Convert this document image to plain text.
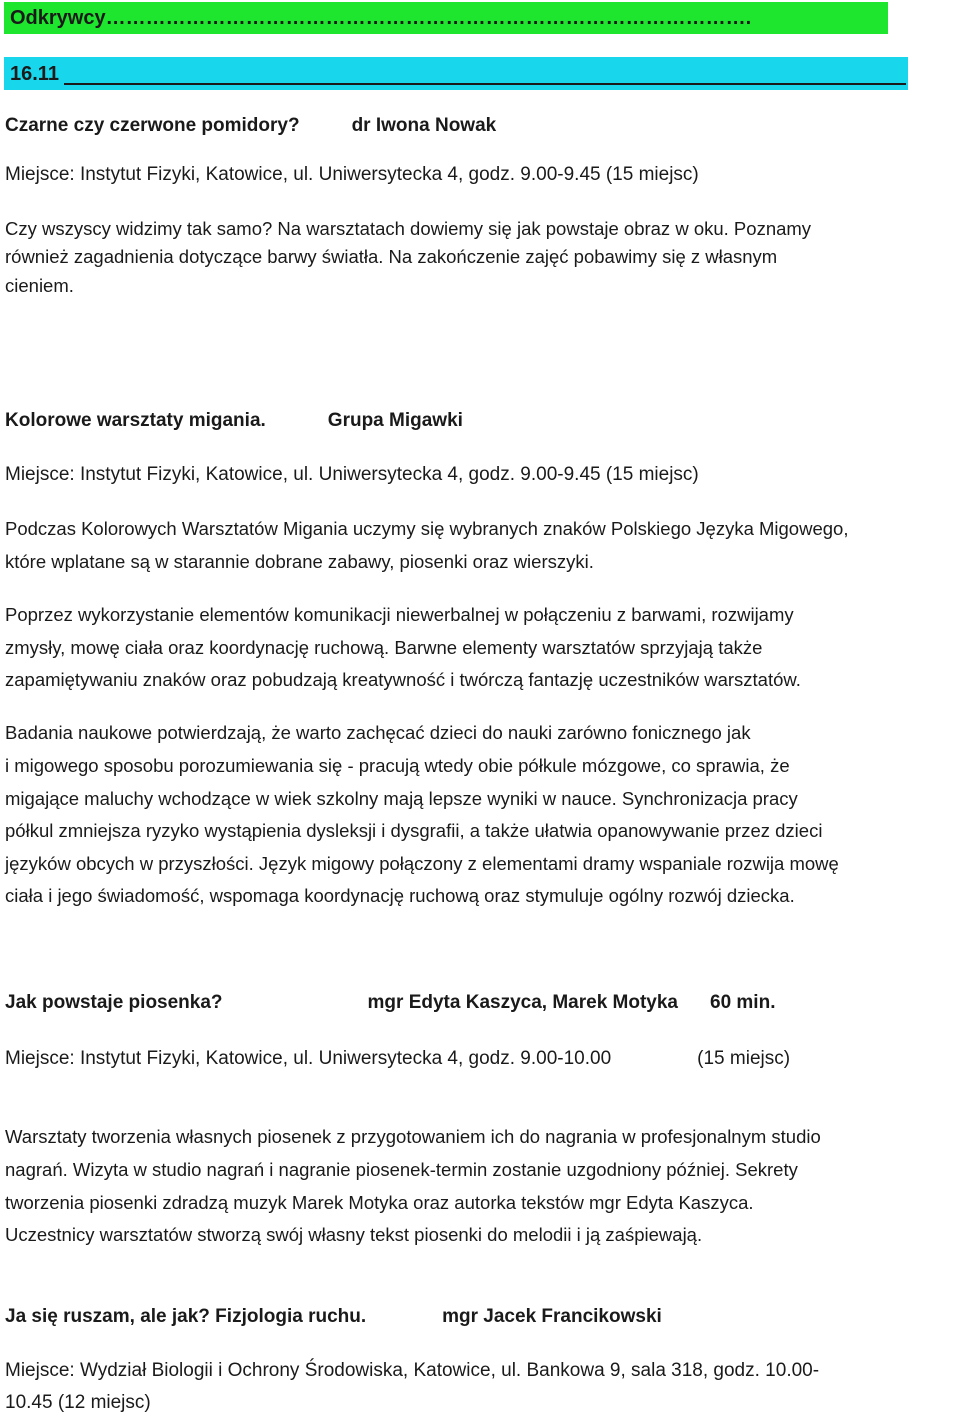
Odkrywcy…………………………………………………………………………………….
16.11
Czarne czy czerwone pomidory?	dr Iwona Nowak
Miejsce: Instytut Fizyki, Katowice, ul. Uniwersytecka 4, godz. 9.00-9.45 (15 miejsc)
Czy wszyscy widzimy tak samo? Na warsztatach dowiemy się jak powstaje obraz w oku. Poznamy
również zagadnienia dotyczące barwy światła. Na zakończenie zajęć pobawimy się z własnym
cieniem.
Kolorowe warsztaty migania.	Grupa Migawki
Miejsce: Instytut Fizyki, Katowice, ul. Uniwersytecka 4, godz. 9.00-9.45 (15 miejsc)
Podczas Kolorowych Warsztatów Migania uczymy się wybranych znaków Polskiego Języka Migowego,
które wplatane są w starannie dobrane zabawy, piosenki oraz wierszyki.
Poprzez wykorzystanie elementów komunikacji niewerbalnej w połączeniu z barwami, rozwijamy
zmysły, mowę ciała oraz koordynację ruchową. Barwne elementy warsztatów sprzyjają także
zapamiętywaniu znaków oraz pobudzają kreatywność i twórczą fantazję uczestników warsztatów.
Badania naukowe potwierdzają, że warto zachęcać dzieci do nauki zarówno fonicznego jak
i migowego sposobu porozumiewania się - pracują wtedy obie półkule mózgowe, co sprawia, że
migające maluchy wchodzące w wiek szkolny mają lepsze wyniki w nauce. Synchronizacja pracy
półkul zmniejsza ryzyko wystąpienia dysleksji i dysgrafii, a także ułatwia opanowywanie przez dzieci
języków obcych w przyszłości. Język migowy połączony z elementami dramy wspaniale rozwija mowę
ciała i jego świadomość, wspomaga koordynację ruchową oraz stymuluje ogólny rozwój dziecka.
Jak powstaje piosenka?	mgr Edyta Kaszyca, Marek Motyka 60 min.
Miejsce: Instytut Fizyki, Katowice, ul. Uniwersytecka 4, godz. 9.00-10.00	(15 miejsc)
Warsztaty tworzenia własnych piosenek z przygotowaniem ich do nagrania w profesjonalnym studio
nagrań. Wizyta w studio nagrań i nagranie piosenek-termin zostanie uzgodniony później. Sekrety
tworzenia piosenki zdradzą muzyk Marek Motyka oraz autorka tekstów mgr Edyta Kaszyca.
Uczestnicy warsztatów stworzą swój własny tekst piosenki do melodii i ją zaśpiewają.
Ja się ruszam, ale jak? Fizjologia ruchu.	mgr Jacek Francikowski
Miejsce: Wydział Biologii i Ochrony Środowiska, Katowice, ul. Bankowa 9, sala 318, godz. 10.00-
10.45 (12 miejsc)
